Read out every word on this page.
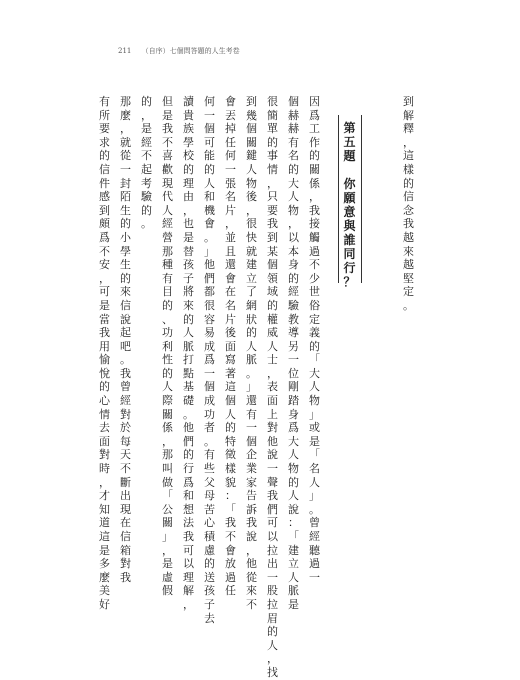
211 （自序）七個問答題的人生考卷
第
五
題

你
願
意
與
誰
同
行
？
到
解
釋
，
這
樣
的
信
念
我
越
來
越
堅
定
。
因
爲
工
作
的
關
係
，
我
接
觸
過
不
少
世
俗
定
義
的
「
大
人
物
」
或
是
「
名
人
」
。
曾
經
聽
過
一
個
赫
赫
有
名
的
大
人
物
，
以
本
身
的
經
驗
教
導
另
一
位
剛
踏
身
爲
大
人
物
的
人
說
：
「
建
立
人
脈
是
很
簡
單
的
事
情
，
只
要
我
到
某
個
領
域
的
權
威
人
士
，
表
面
上
對
他
說
一
聲
我
們
可
以
拉
出
一
股
拉
眉
的
人
，
找
到
幾
個
關
鍵
人
物
後
，
很
快
就
建
立
了
網
狀
的
人
脈
。
」
還
有
一
個
企
業
家
告
訴
我
說
，
他
從
來
不
會
丟
掉
任
何
一
張
名
片
，
並
且
還
會
在
名
片
後
面
寫
著
這
個
人
的
特
徵
樣
貌
：
「
我
不
會
放
過
任
何
一
個
可
能
的
人
和
機
會
。
」
他
們
都
很
容
易
成
爲
一
個
成
功
者
。
有
些
父
母
苦
心
積
慮
的
送
孩
子
去
讀
貴
族
學
校
的
理
由
，
也
是
替
孩
子
將
來
的
人
脈
打
點
基
礎
。
他
們
的
行
爲
和
想
法
我
可
以
理
解
，
但
是
我
不
喜
歡
現
代
人
經
營
那
種
有
目
的
、
功
利
性
的
人
際
關
係
，
那
叫
做
「
公
關
」
，
是
虛
假
的
，
是
經
不
起
考
驗
的
。
那
麼
，
就
從
一
封
陌
生
的
小
學
生
的
來
信
說
起
吧
。
我
曾
經
對
於
每
天
不
斷
出
現
在
信
箱
對
我
有
所
要
求
的
信
件
感
到
頗
爲
不
安
，
可
是
當
我
用
愉
悅
的
心
情
去
面
對
時
，
才
知
道
這
是
多
麼
美
好
